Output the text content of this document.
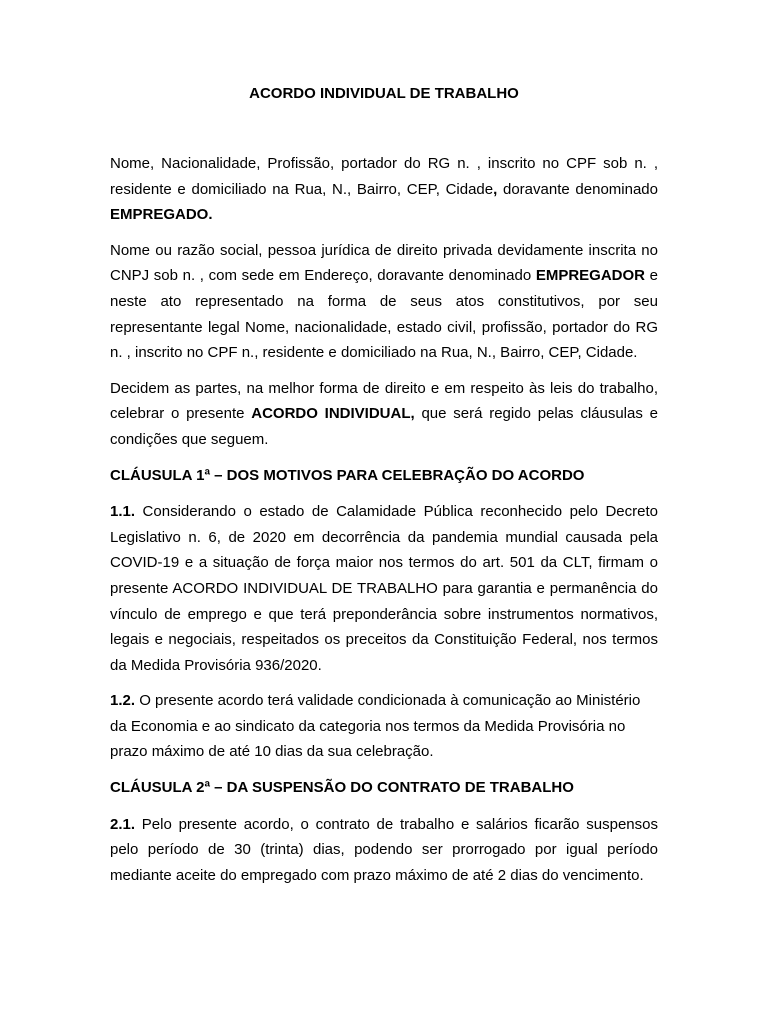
ACORDO INDIVIDUAL DE TRABALHO

Nome, Nacionalidade, Profissão, portador do RG n. , inscrito no CPF sob n. , residente e domiciliado na Rua, N., Bairro, CEP, Cidade, doravante denominado EMPREGADO.

Nome ou razão social, pessoa jurídica de direito privada devidamente inscrita no CNPJ sob n. , com sede em Endereço, doravante denominado EMPREGADOR e neste ato representado na forma de seus atos constitutivos, por seu representante legal Nome, nacionalidade, estado civil, profissão, portador do RG n. , inscrito no CPF n., residente e domiciliado na Rua, N., Bairro, CEP, Cidade.

Decidem as partes, na melhor forma de direito e em respeito às leis do trabalho, celebrar o presente ACORDO INDIVIDUAL, que será regido pelas cláusulas e condições que seguem.

CLÁUSULA 1ª – DOS MOTIVOS PARA CELEBRAÇÃO DO ACORDO

1.1. Considerando o estado de Calamidade Pública reconhecido pelo Decreto Legislativo n. 6, de 2020 em decorrência da pandemia mundial causada pela COVID-19 e a situação de força maior nos termos do art. 501 da CLT, firmam o presente ACORDO INDIVIDUAL DE TRABALHO para garantia e permanência do vínculo de emprego e que terá preponderância sobre instrumentos normativos, legais e negociais, respeitados os preceitos da Constituição Federal, nos termos da Medida Provisória 936/2020.

1.2. O presente acordo terá validade condicionada à comunicação ao Ministério da Economia e ao sindicato da categoria nos termos da Medida Provisória no prazo máximo de até 10 dias da sua celebração.

CLÁUSULA 2ª – DA SUSPENSÃO DO CONTRATO DE TRABALHO

2.1. Pelo presente acordo, o contrato de trabalho e salários ficarão suspensos pelo período de 30 (trinta) dias, podendo ser prorrogado por igual período mediante aceite do empregado com prazo máximo de até 2 dias do vencimento.
